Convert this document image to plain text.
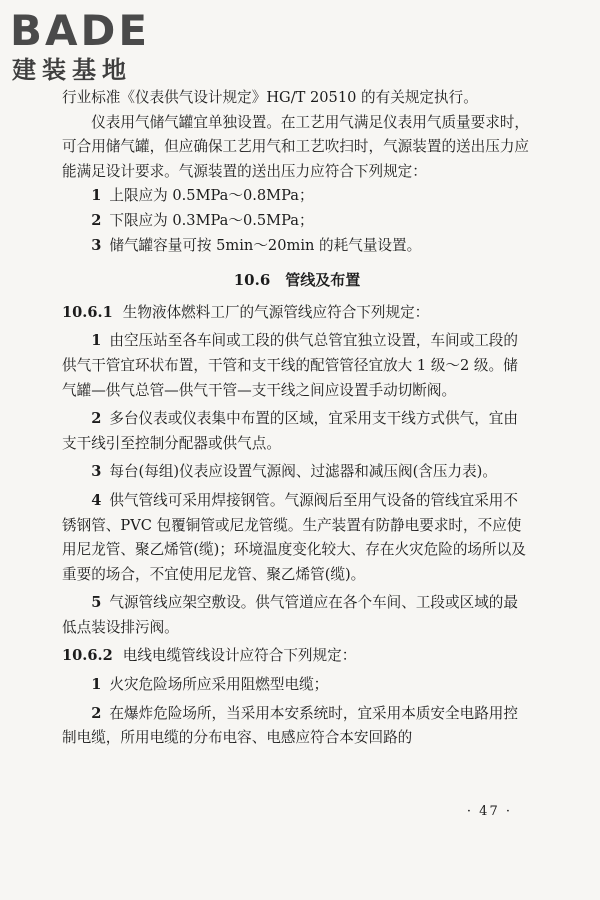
BADE
建装基地

行业标准《仪表供气设计规定》HG/T 20510 的有关规定执行。

仪表用气储气罐宜单独设置。在工艺用气满足仪表用气质量要求时，可合用储气罐，但应确保工艺用气和工艺吹扫时，气源装置的送出压力应能满足设计要求。气源装置的送出压力应符合下列规定：

1 上限应为 0.5MPa～0.8MPa；

2 下限应为 0.3MPa～0.5MPa；

3 储气罐容量可按 5min～20min 的耗气量设置。

10.6　管线及布置

10.6.1 生物液体燃料工厂的气源管线应符合下列规定：

1 由空压站至各车间或工段的供气总管宜独立设置，车间或工段的供气干管宜环状布置，干管和支干线的配管管径宜放大 1 级～2 级。储气罐—供气总管—供气干管—支干线之间应设置手动切断阀。

2 多台仪表或仪表集中布置的区域，宜采用支干线方式供气，宜由支干线引至控制分配器或供气点。

3 每台(每组)仪表应设置气源阀、过滤器和减压阀(含压力表)。

4 供气管线可采用焊接钢管。气源阀后至用气设备的管线宜采用不锈钢管、PVC 包覆铜管或尼龙管缆。生产装置有防静电要求时，不应使用尼龙管、聚乙烯管(缆)；环境温度变化较大、存在火灾危险的场所以及重要的场合，不宜使用尼龙管、聚乙烯管(缆)。

5 气源管线应架空敷设。供气管道应在各个车间、工段或区域的最低点装设排污阀。

10.6.2 电线电缆管线设计应符合下列规定：

1 火灾危险场所应采用阻燃型电缆；

2 在爆炸危险场所，当采用本安系统时，宜采用本质安全电路用控制电缆，所用电缆的分布电容、电感应符合本安回路的

· 47 ·
